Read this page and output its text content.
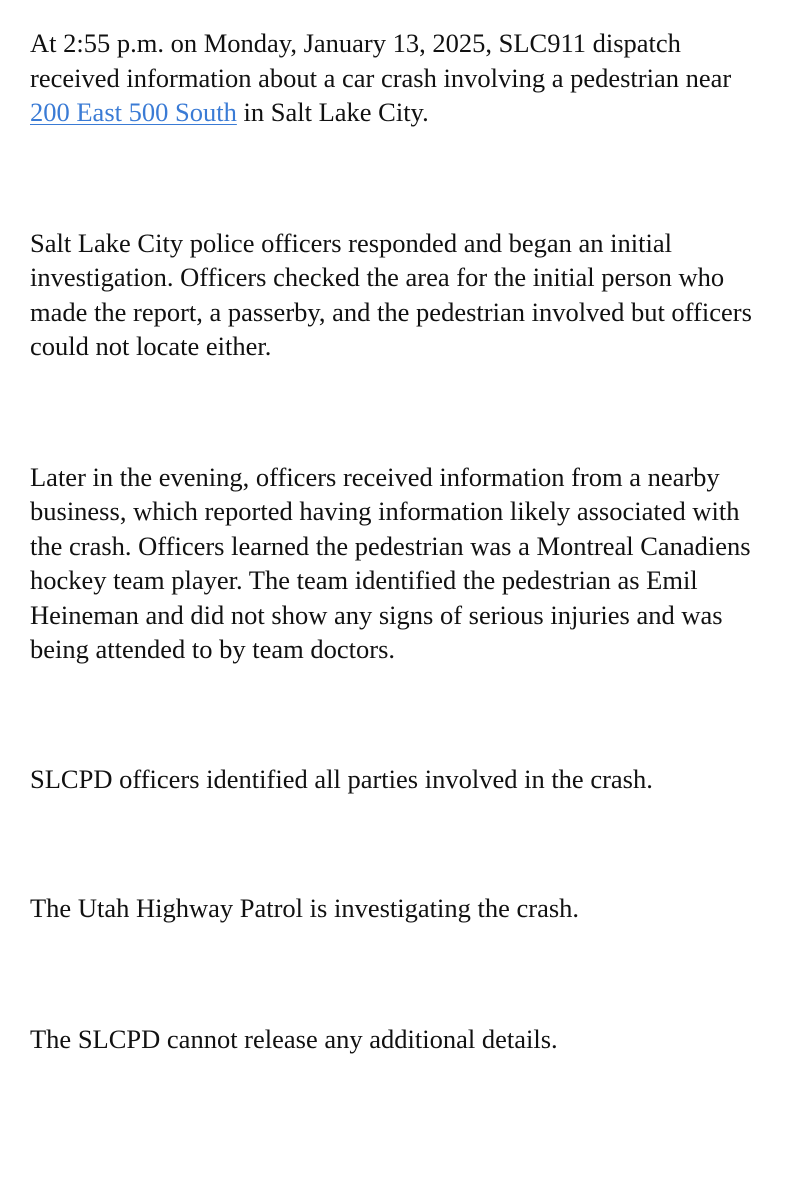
At 2:55 p.m. on Monday, January 13, 2025, SLC911 dispatch received information about a car crash involving a pedestrian near 200 East 500 South in Salt Lake City.

Salt Lake City police officers responded and began an initial investigation. Officers checked the area for the initial person who made the report, a passerby, and the pedestrian involved but officers could not locate either.

Later in the evening, officers received information from a nearby business, which reported having information likely associated with the crash. Officers learned the pedestrian was a Montreal Canadiens hockey team player. The team identified the pedestrian as Emil Heineman and did not show any signs of serious injuries and was being attended to by team doctors.

SLCPD officers identified all parties involved in the crash.

The Utah Highway Patrol is investigating the crash.

The SLCPD cannot release any additional details.
